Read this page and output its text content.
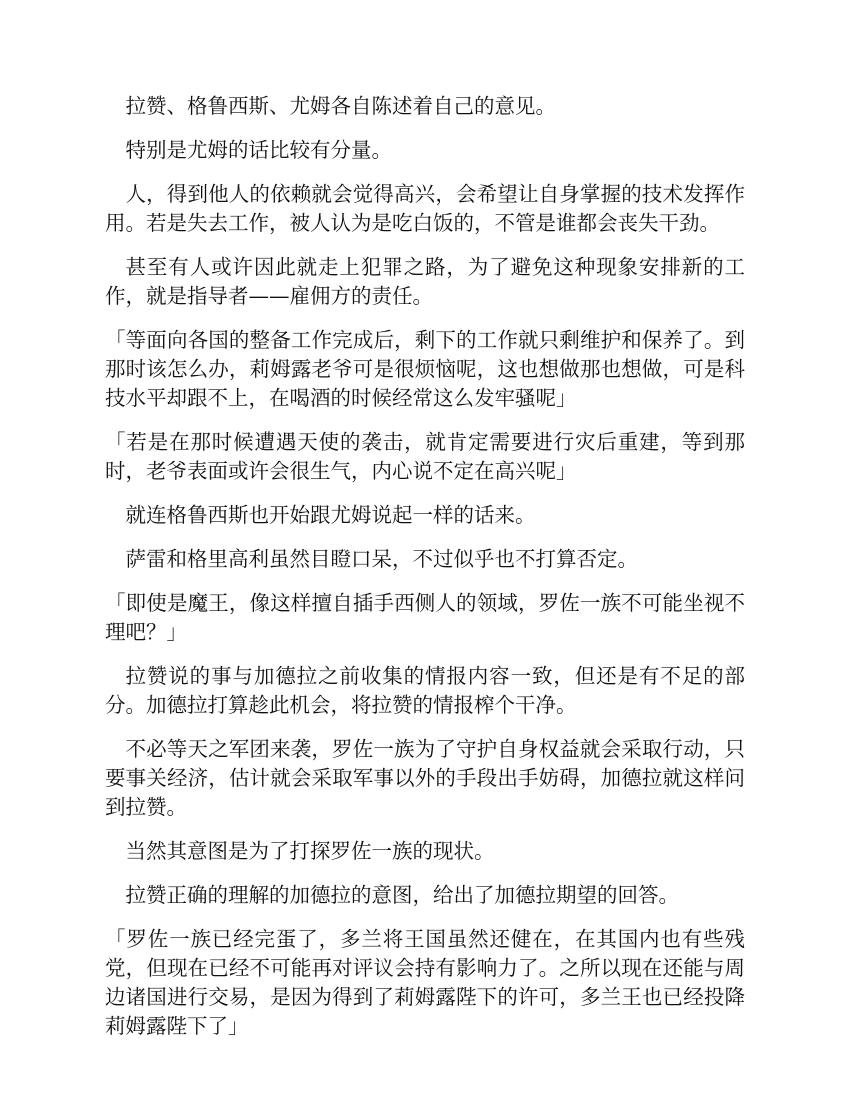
拉赞、格鲁西斯、尤姆各自陈述着自己的意见。

特别是尤姆的话比较有分量。

人，得到他人的依赖就会觉得高兴，会希望让自身掌握的技术发挥作用。若是失去工作，被人认为是吃白饭的，不管是谁都会丧失干劲。

甚至有人或许因此就走上犯罪之路，为了避免这种现象安排新的工作，就是指导者——雇佣方的责任。

「等面向各国的整备工作完成后，剩下的工作就只剩维护和保养了。到那时该怎么办，莉姆露老爷可是很烦恼呢，这也想做那也想做，可是科技水平却跟不上，在喝酒的时候经常这么发牢骚呢」

「若是在那时候遭遇天使的袭击，就肯定需要进行灾后重建，等到那时，老爷表面或许会很生气，内心说不定在高兴呢」

就连格鲁西斯也开始跟尤姆说起一样的话来。

萨雷和格里高利虽然目瞪口呆，不过似乎也不打算否定。

「即使是魔王，像这样擅自插手西侧人的领域，罗佐一族不可能坐视不理吧？」

拉赞说的事与加德拉之前收集的情报内容一致，但还是有不足的部分。加德拉打算趁此机会，将拉赞的情报榨个干净。

不必等天之军团来袭，罗佐一族为了守护自身权益就会采取行动，只要事关经济，估计就会采取军事以外的手段出手妨碍，加德拉就这样问到拉赞。

当然其意图是为了打探罗佐一族的现状。

拉赞正确的理解的加德拉的意图，给出了加德拉期望的回答。

「罗佐一族已经完蛋了，多兰将王国虽然还健在，在其国内也有些残党，但现在已经不可能再对评议会持有影响力了。之所以现在还能与周边诸国进行交易，是因为得到了莉姆露陛下的许可，多兰王也已经投降莉姆露陛下了」
